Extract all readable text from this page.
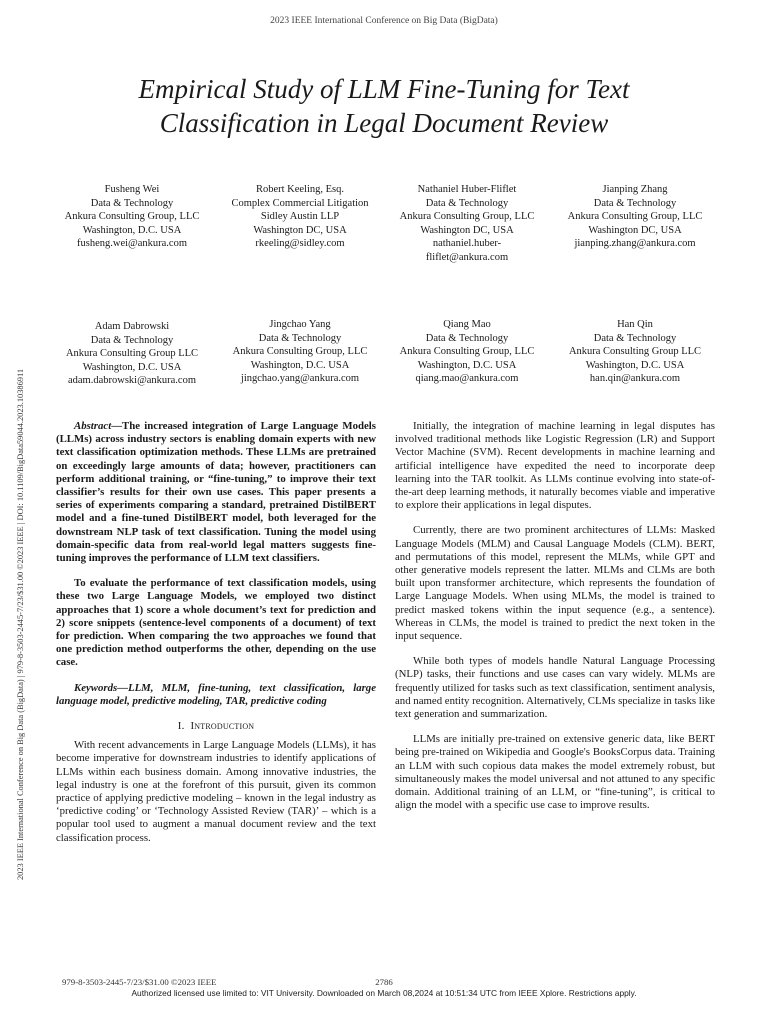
2023 IEEE International Conference on Big Data (BigData)
Empirical Study of LLM Fine-Tuning for Text
Classification in Legal Document Review
2023 IEEE International Conference on Big Data (BigData) | 979-8-3503-2445-7/23/$31.00 ©2023 IEEE | DOI: 10.1109/BigData59044.2023.10386911
Fusheng Wei
Data & Technology
Ankura Consulting Group, LLC
Washington, D.C. USA
fusheng.wei@ankura.com
Robert Keeling, Esq.
Complex Commercial Litigation
Sidley Austin LLP
Washington DC, USA
rkeeling@sidley.com
Nathaniel Huber-Fliflet
Data & Technology
Ankura Consulting Group, LLC
Washington DC, USA
nathaniel.huber-
fliflet@ankura.com
Jianping Zhang
Data & Technology
Ankura Consulting Group, LLC
Washington DC, USA
jianping.zhang@ankura.com
Adam Dabrowski
Data & Technology
Ankura Consulting Group LLC
Washington, D.C. USA
adam.dabrowski@ankura.com
Jingchao Yang
Data & Technology
Ankura Consulting Group, LLC
Washington, D.C. USA
jingchao.yang@ankura.com
Qiang Mao
Data & Technology
Ankura Consulting Group, LLC
Washington, D.C. USA
qiang.mao@ankura.com
Han Qin
Data & Technology
Ankura Consulting Group LLC
Washington, D.C. USA
han.qin@ankura.com

Abstract—The increased integration of Large Language Models (LLMs) across industry sectors is enabling domain experts with new text classification optimization methods. These LLMs are pretrained on exceedingly large amounts of data; however, practitioners can perform additional training, or “fine-tuning,” to improve their text classifier’s results for their own use cases. This paper presents a series of experiments comparing a standard, pretrained DistilBERT model and a fine-tuned DistilBERT model, both leveraged for the downstream NLP task of text classification. Tuning the model using domain-specific data from real-world legal matters suggests fine-tuning improves the performance of LLM text classifiers.

To evaluate the performance of text classification models, using these two Large Language Models, we employed two distinct approaches that 1) score a whole document’s text for prediction and 2) score snippets (sentence-level components of a document) of text for prediction. When comparing the two approaches we found that one prediction method outperforms the other, depending on the use case.

Keywords—LLM, MLM, fine-tuning, text classification, large language model, predictive modeling, TAR, predictive coding

I. Introduction

With recent advancements in Large Language Models (LLMs), it has become imperative for downstream industries to identify applications of LLMs within each business domain. Among innovative industries, the legal industry is one at the forefront of this pursuit, given its common practice of applying predictive modeling – known in the legal industry as ‘predictive coding’ or ‘Technology Assisted Review (TAR)’ – which is a popular tool used to augment a manual document review and the text classification process.

Initially, the integration of machine learning in legal disputes has involved traditional methods like Logistic Regression (LR) and Support Vector Machine (SVM). Recent developments in machine learning and artificial intelligence have expedited the need to incorporate deep learning into the TAR toolkit. As LLMs continue evolving into state-of-the-art deep learning methods, it naturally becomes viable and imperative to explore their applications in legal disputes.

Currently, there are two prominent architectures of LLMs: Masked Language Models (MLM) and Causal Language Models (CLM). BERT, and permutations of this model, represent the MLMs, while GPT and other generative models represent the latter. MLMs and CLMs are both built upon transformer architecture, which represents the foundation of Large Language Models. When using MLMs, the model is trained to predict masked tokens within the input sequence (e.g., a sentence). Whereas in CLMs, the model is trained to predict the next token in the input sequence.

While both types of models handle Natural Language Processing (NLP) tasks, their functions and use cases can vary widely. MLMs are frequently utilized for tasks such as text classification, sentiment analysis, and named entity recognition. Alternatively, CLMs specialize in tasks like text generation and summarization.

LLMs are initially pre-trained on extensive generic data, like BERT being pre-trained on Wikipedia and Google's BooksCorpus data. Training an LLM with such copious data makes the model extremely robust, but simultaneously makes the model universal and not attuned to any specific domain. Additional training of an LLM, or “fine-tuning”, is critical to align the model with a specific use case to improve results.

979-8-3503-2445-7/23/$31.00 ©2023 IEEE	2786
Authorized licensed use limited to: VIT University. Downloaded on March 08,2024 at 10:51:34 UTC from IEEE Xplore. Restrictions apply.
